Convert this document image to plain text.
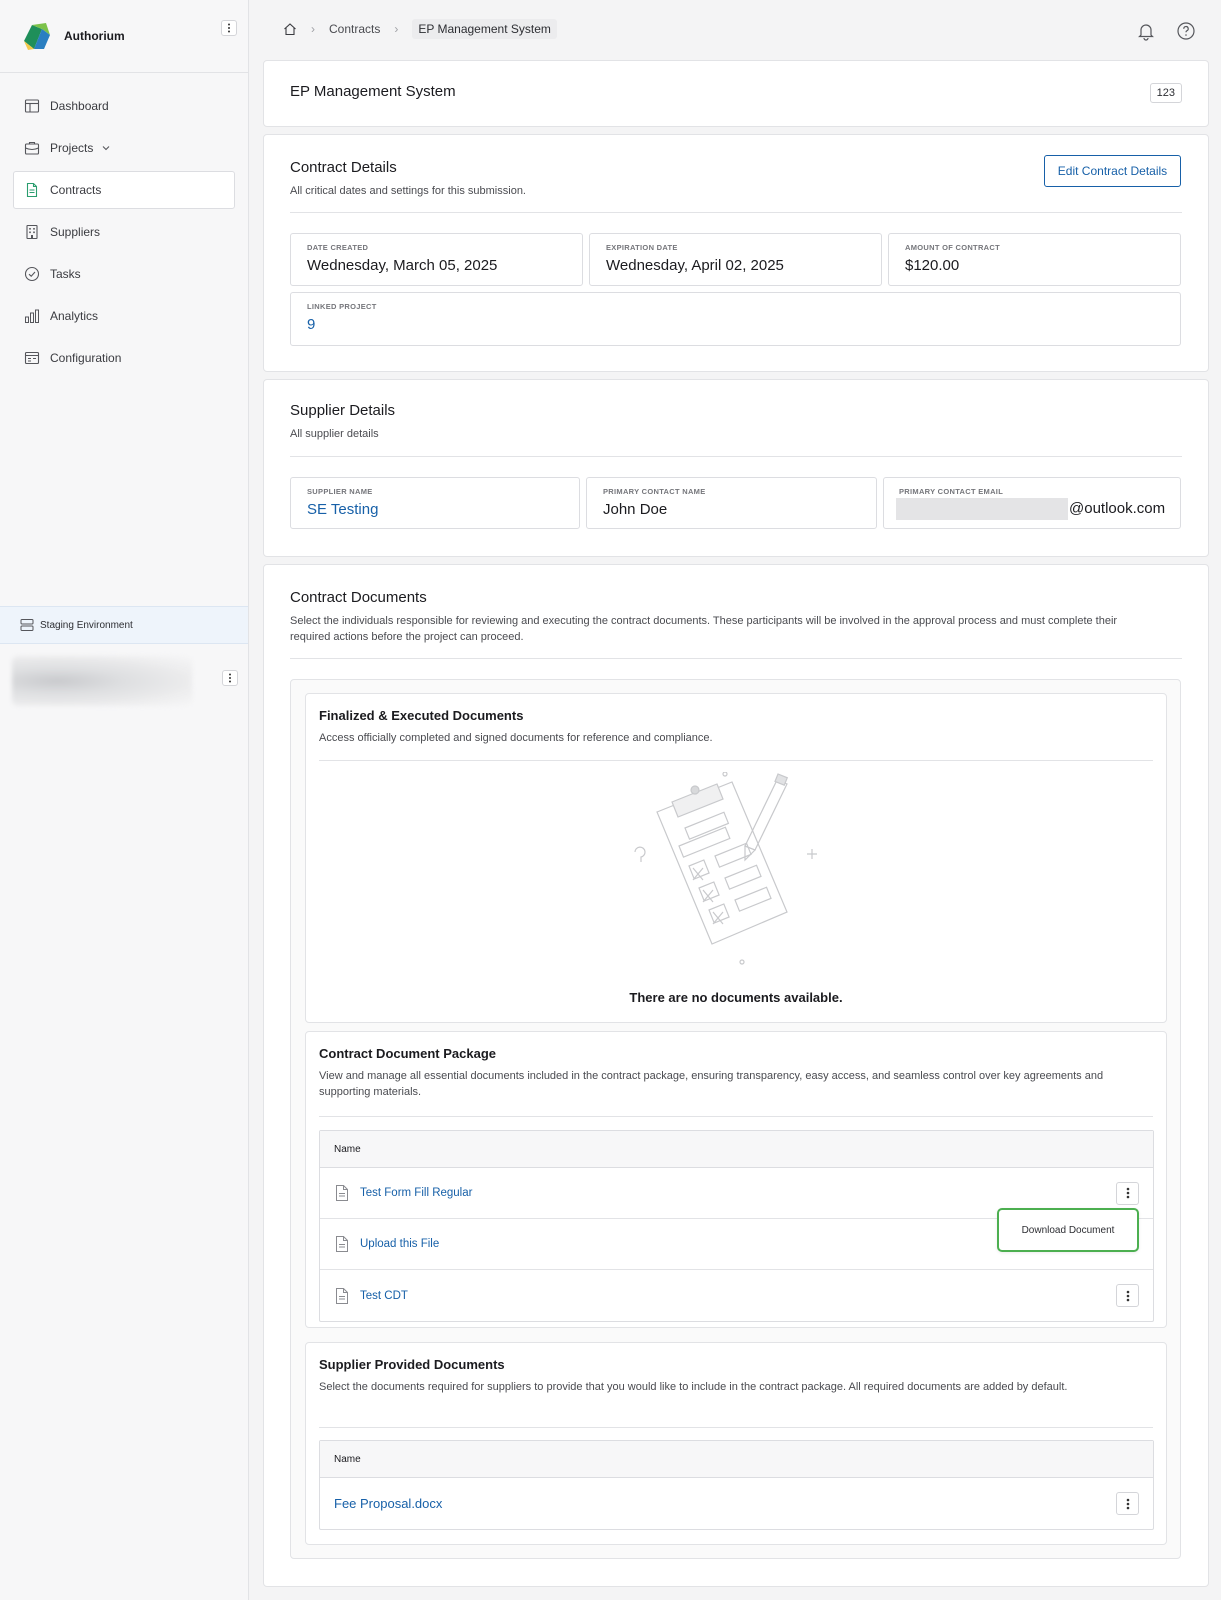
Authorium
Dashboard
Projects
Contracts
Suppliers
Tasks
Analytics
Configuration
Staging Environment
› Contracts ›	EP Management System
EP Management System	123
Contract Details
All critical dates and settings for this submission.
Edit Contract Details
DATE CREATED
Wednesday, March 05, 2025
EXPIRATION DATE
Wednesday, April 02, 2025
AMOUNT OF CONTRACT
$120.00
LINKED PROJECT
9
Supplier Details
All supplier details
SUPPLIER NAME
SE Testing
PRIMARY CONTACT NAME
John Doe
PRIMARY CONTACT EMAIL
@outlook.com
Contract Documents
Select the individuals responsible for reviewing and executing the contract documents. These participants will be involved in the approval process and must complete their required actions before the project can proceed.
Finalized & Executed Documents
Access officially completed and signed documents for reference and compliance.
There are no documents available.
Contract Document Package
View and manage all essential documents included in the contract package, ensuring transparency, easy access, and seamless control over key agreements and supporting materials.
Name
Test Form Fill Regular
Upload this File
Test CDT
Download Document
Supplier Provided Documents
Select the documents required for suppliers to provide that you would like to include in the contract package. All required documents are added by default.
Name
Fee Proposal.docx
